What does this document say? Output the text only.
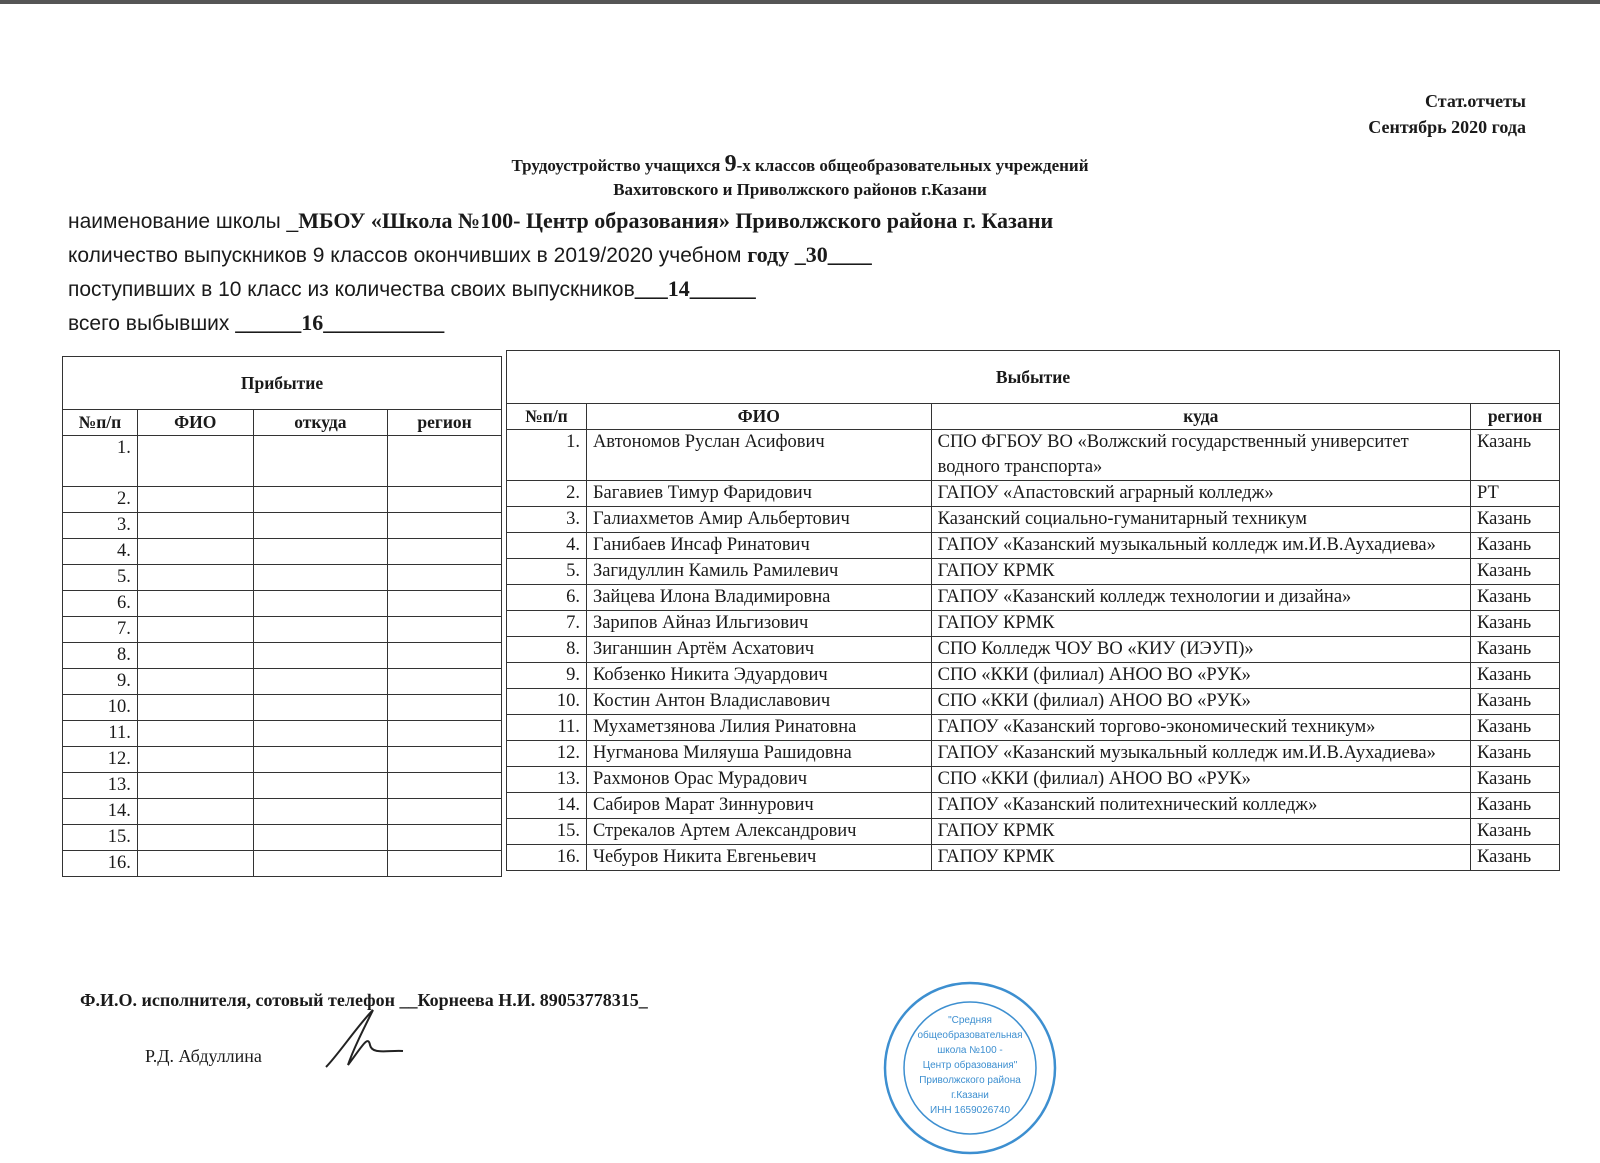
Стат.отчеты
Сентябрь 2020 года
Трудоустройство учащихся 9-х классов общеобразовательных учреждений
Вахитовского и Приволжского районов г.Казани
наименование школы _МБОУ «Школа №100- Центр образования» Приволжского района г. Казани
количество выпускников 9 классов окончивших в 2019/2020 учебном году _30____
поступивших в 10 класс из количества своих выпускников___14______
всего выбывших ______16___________
Прибытие			
№п/п	ФИО	откуда	регион
1.			
2.			
3.			
4.			
5.			
6.			
7.			
8.			
9.			
10.			
11.			
12.			
13.			
14.			
15.			
16.			
Выбытие			
№п/п	ФИО	куда	регион
1.	Автономов Руслан Асифович	СПО ФГБОУ ВО «Волжский государственный университет водного транспорта»	Казань
2.	Багавиев Тимур Фаридович	ГАПОУ «Апастовский аграрный колледж»	РТ
3.	Галиахметов Амир Альбертович	Казанский социально-гуманитарный техникум	Казань
4.	Ганибаев Инсаф Ринатович	ГАПОУ «Казанский музыкальный колледж им.И.В.Аухадиева»	Казань
5.	Загидуллин Камиль Рамилевич	ГАПОУ КРМК	Казань
6.	Зайцева Илона Владимировна	ГАПОУ «Казанский колледж технологии и дизайна»	Казань
7.	Зарипов Айназ Ильгизович	ГАПОУ КРМК	Казань
8.	Зиганшин Артём Асхатович	СПО Колледж ЧОУ ВО «КИУ (ИЭУП)»	Казань
9.	Кобзенко Никита Эдуардович	СПО «ККИ (филиал) АНОО ВО «РУК»	Казань
10.	Костин Антон Владиславович	СПО «ККИ (филиал) АНОО ВО «РУК»	Казань
11.	Мухаметзянова Лилия Ринатовна	ГАПОУ «Казанский торгово-экономический техникум»	Казань
12.	Нугманова Миляуша Рашидовна	ГАПОУ «Казанский музыкальный колледж им.И.В.Аухадиева»	Казань
13.	Рахмонов Орас Мурадович	СПО «ККИ (филиал) АНОО ВО «РУК»	Казань
14.	Сабиров Марат Зиннурович	ГАПОУ «Казанский политехнический колледж»	Казань
15.	Стрекалов Артем Александрович	ГАПОУ КРМК	Казань
16.	Чебуров Никита Евгеньевич	ГАПОУ КРМК	Казань
Ф.И.О. исполнителя, сотовый телефон __Корнеева Н.И. 89053778315_
Р.Д. Абдуллина
"Средняя
общеобразовательная
школа №100 -
Центр образования"
Приволжского района
г.Казани
ИНН 1659026740
